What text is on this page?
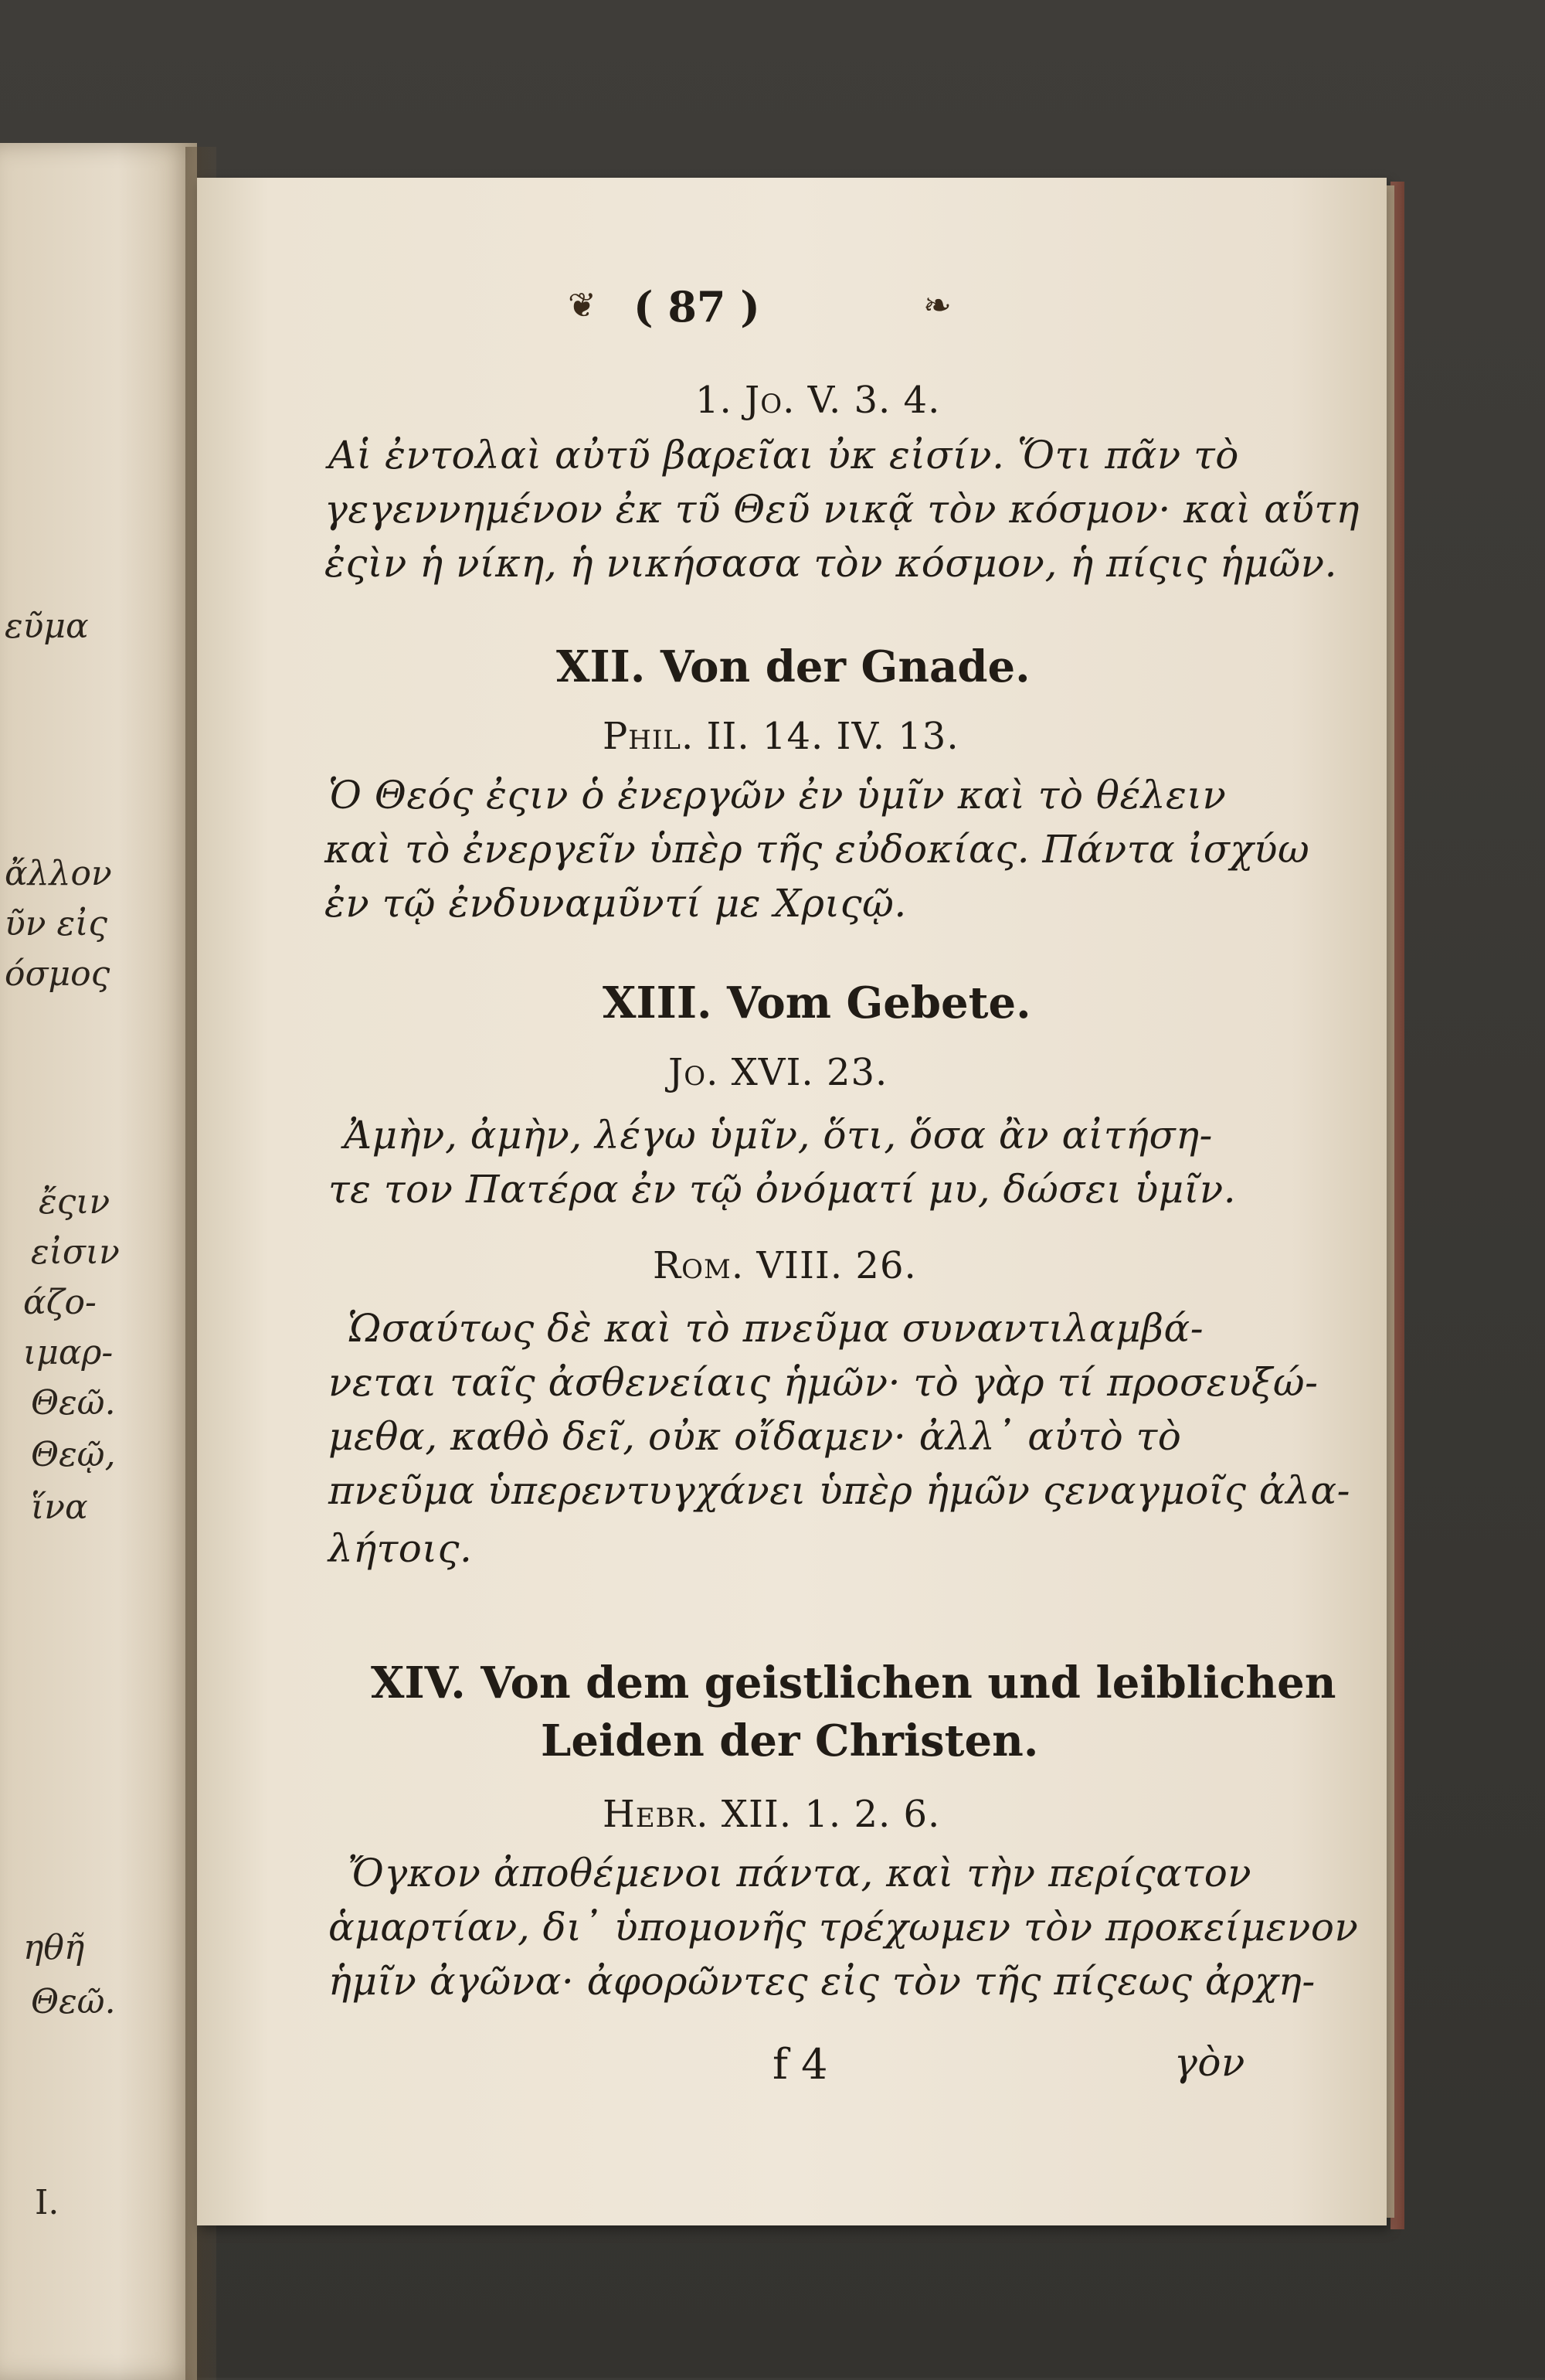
εῦμα
ἄλλον
ῦν εἰς
όσμος
ἔςιν
εἰσιν
άζο-
ιμαρ-
Θεῶ.
Θεῷ,
ἵνα
ηθῆ
Θεῶ.
I.
❦ ( 87 )	❧
1. Jo. V. 3. 4.
Αἱ ἐντολαὶ αὐτῦ βαρεῖαι ὐκ εἰσίν. Ὅτι πᾶν τὸ
γεγεννημένον ἐκ τῦ Θεῦ νικᾷ τὸν κόσμον· καὶ αὕτη
ἐςὶν ἡ νίκη, ἡ νικήσασα τὸν κόσμον, ἡ πίςις ἡμῶν.
XII. Von der Gnade.
Phil. II. 14. IV. 13.
Ὁ Θεός ἐςιν ὁ ἐνεργῶν ἐν ὑμῖν καὶ τὸ θέλειν
καὶ τὸ ἐνεργεῖν ὑπὲρ τῆς εὐδοκίας. Πάντα ἰσχύω
ἐν τῷ ἐνδυναμῦντί με Χριςῷ.
XIII. Vom Gebete.
Jo. XVI. 23.
Ἀμὴν, ἀμὴν, λέγω ὑμῖν, ὅτι, ὅσα ἂν αἰτήση-
τε τον Πατέρα ἐν τῷ ὀνόματί μυ, δώσει ὑμῖν.
Rom. VIII. 26.
Ὡσαύτως δὲ καὶ τὸ πνεῦμα συναντιλαμβά-
νεται ταῖς ἀσθενείαις ἡμῶν· τὸ γὰρ τί προσευξώ-
μεθα, καθὸ δεῖ, οὐκ οἴδαμεν· ἀλλ᾽ αὐτὸ τὸ
πνεῦμα ὑπερεντυγχάνει ὑπὲρ ἡμῶν ςεναγμοῖς ἀλα-
λήτοις.
XIV. Von dem geistlichen und leiblichen
Leiden der Christen.
Hebr. XII. 1. 2. 6.
Ὄγκον ἀποθέμενοι πάντα, καὶ τὴν περίςατον
ἁμαρτίαν, δι᾽ ὑπομονῆς τρέχωμεν τὸν προκείμενον
ἡμῖν ἀγῶνα· ἀφορῶντες εἰς τὸν τῆς πίςεως ἀρχη-
f 4	γὸν
